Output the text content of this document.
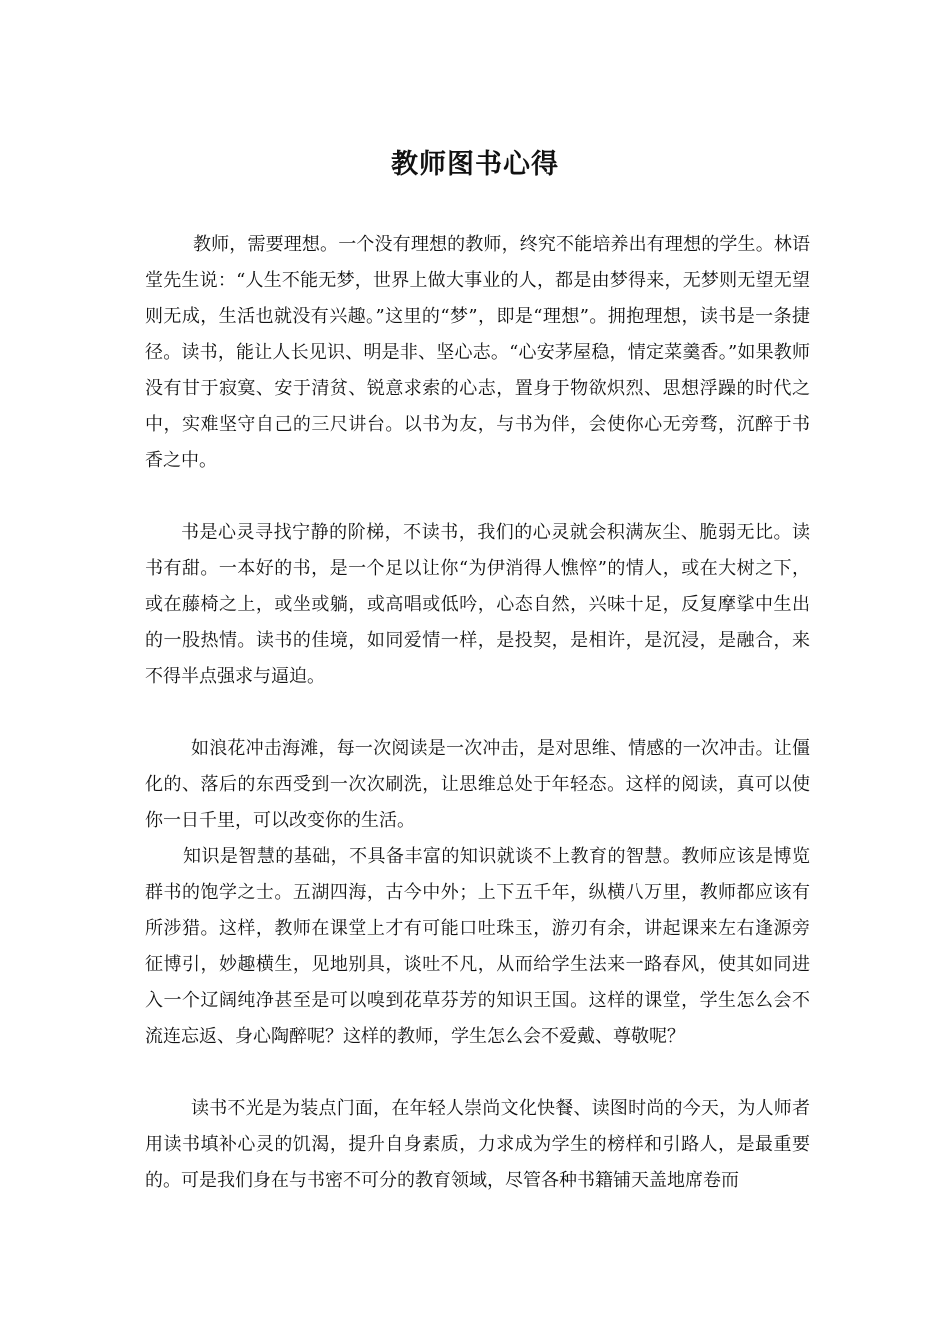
教师图书心得

教师，需要理想。一个没有理想的教师，终究不能培养出有理想的学生。林语堂先生说：“人生不能无梦，世界上做大事业的人，都是由梦得来，无梦则无望无望则无成，生活也就没有兴趣。”这里的“梦”，即是“理想”。拥抱理想，读书是一条捷径。读书，能让人长见识、明是非、坚心志。“心安茅屋稳，情定菜羹香。”如果教师没有甘于寂寞、安于清贫、锐意求索的心志，置身于物欲炽烈、思想浮躁的时代之中，实难坚守自己的三尺讲台。以书为友，与书为伴，会使你心无旁骛，沉醉于书香之中。

书是心灵寻找宁静的阶梯，不读书，我们的心灵就会积满灰尘、脆弱无比。读书有甜。一本好的书，是一个足以让你“为伊消得人憔悴”的情人，或在大树之下，或在藤椅之上，或坐或躺，或高唱或低吟，心态自然，兴味十足，反复摩挲中生出的一股热情。读书的佳境，如同爱情一样，是投契，是相许，是沉浸，是融合，来不得半点强求与逼迫。

如浪花冲击海滩，每一次阅读是一次冲击，是对思维、情感的一次冲击。让僵化的、落后的东西受到一次次刷洗，让思维总处于年轻态。这样的阅读，真可以使你一日千里，可以改变你的生活。

知识是智慧的基础，不具备丰富的知识就谈不上教育的智慧。教师应该是博览群书的饱学之士。五湖四海，古今中外；上下五千年，纵横八万里，教师都应该有所涉猎。这样，教师在课堂上才有可能口吐珠玉，游刃有余，讲起课来左右逢源旁征博引，妙趣横生，见地别具，谈吐不凡，从而给学生法来一路春风，使其如同进入一个辽阔纯净甚至是可以嗅到花草芬芳的知识王国。这样的课堂，学生怎么会不流连忘返、身心陶醉呢？这样的教师，学生怎么会不爱戴、尊敬呢？

读书不光是为装点门面，在年轻人崇尚文化快餐、读图时尚的今天，为人师者用读书填补心灵的饥渴，提升自身素质，力求成为学生的榜样和引路人，是最重要的。可是我们身在与书密不可分的教育领域，尽管各种书籍铺天盖地席卷而
